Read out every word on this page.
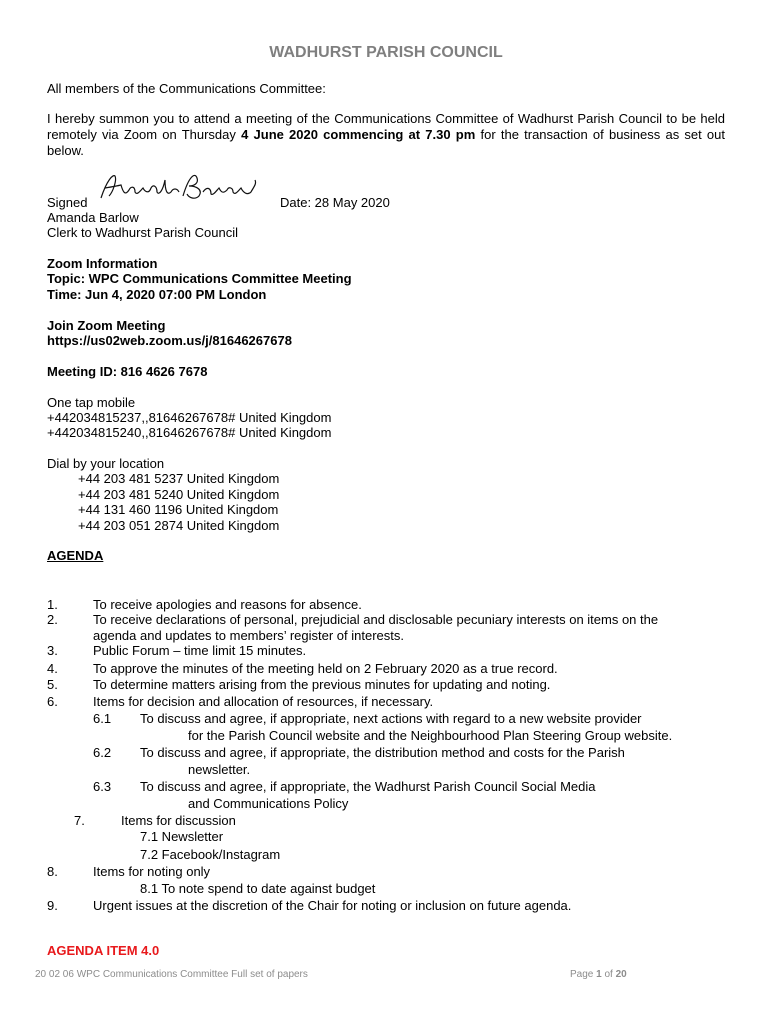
WADHURST PARISH COUNCIL
All members of the Communications Committee:
I hereby summon you to attend a meeting of the Communications Committee of Wadhurst Parish Council to be held remotely via Zoom on Thursday 4 June 2020 commencing at 7.30 pm for the transaction of business as set out below.
Signed	Date: 28 May 2020
Amanda Barlow
Clerk to Wadhurst Parish Council
Zoom Information
Topic: WPC Communications Committee Meeting
Time: Jun 4, 2020 07:00 PM London
Join Zoom Meeting
https://us02web.zoom.us/j/81646267678
Meeting ID: 816 4626 7678
One tap mobile
+442034815237,,81646267678# United Kingdom
+442034815240,,81646267678# United Kingdom
Dial by your location
+44 203 481 5237 United Kingdom
+44 203 481 5240 United Kingdom
+44 131 460 1196 United Kingdom
+44 203 051 2874 United Kingdom
AGENDA
1.	To receive apologies and reasons for absence.
2.	To receive declarations of personal, prejudicial and disclosable pecuniary interests on items on the
agenda and updates to members’ register of interests.
3.	Public Forum – time limit 15 minutes.
4.	To approve the minutes of the meeting held on 2 February 2020 as a true record.
5.	To determine matters arising from the previous minutes for updating and noting.
6.	Items for decision and allocation of resources, if necessary.
6.1 To discuss and agree, if appropriate, next actions with regard to a new website provider
for the Parish Council website and the Neighbourhood Plan Steering Group website.
6.2 To discuss and agree, if appropriate, the distribution method and costs for the Parish
newsletter.
6.3 To discuss and agree, if appropriate, the Wadhurst Parish Council Social Media
and Communications Policy
7.	Items for discussion
7.1 Newsletter
7.2 Facebook/Instagram
8.	Items for noting only
8.1 To note spend to date against budget
9.	Urgent issues at the discretion of the Chair for noting or inclusion on future agenda.
AGENDA ITEM 4.0
20 02 06 WPC Communications Committee Full set of papers	Page 1 of 20
